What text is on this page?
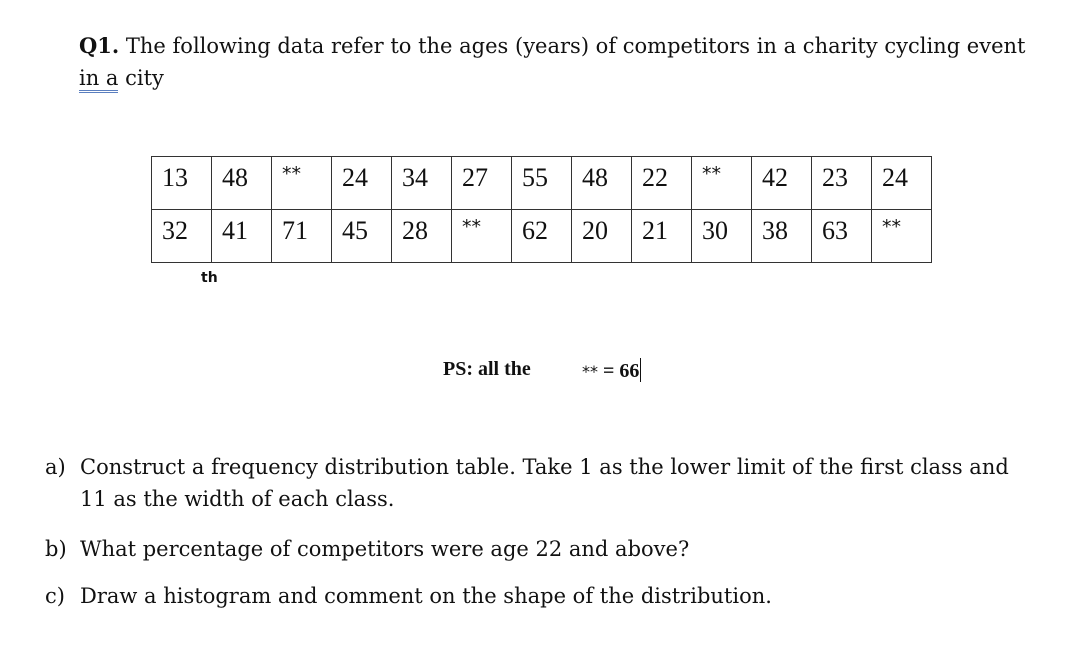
Q1. The following data refer to the ages (years) of competitors in a charity cycling event
in a city
13	48	**	24	34	27	55	48	22	**	42	23	24
32	41	71	45	28	**	62	20	21	30	38	63	**
th
PS: all the	** = 66
a) Construct a frequency distribution table. Take 1 as the lower limit of the first class and 11 as the width of each class.
b) What percentage of competitors were age 22 and above?
c) Draw a histogram and comment on the shape of the distribution.
